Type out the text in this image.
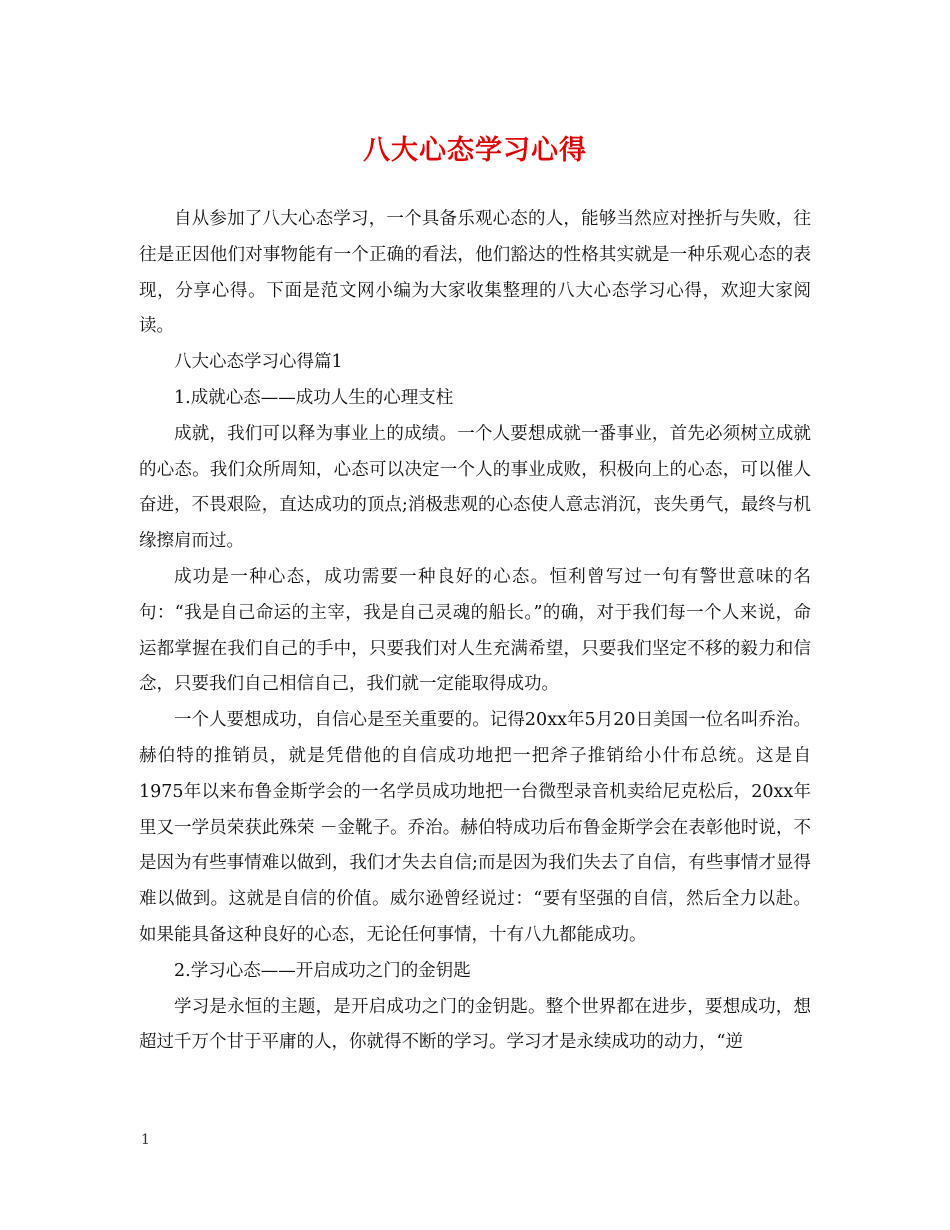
八大心态学习心得

自从参加了八大心态学习，一个具备乐观心态的人，能够当然应对挫折与失败，往往是正因他们对事物能有一个正确的看法，他们豁达的性格其实就是一种乐观心态的表现，分享心得。下面是范文网小编为大家收集整理的八大心态学习心得，欢迎大家阅读。

八大心态学习心得篇1

1.成就心态——成功人生的心理支柱

成就，我们可以释为事业上的成绩。一个人要想成就一番事业，首先必须树立成就的心态。我们众所周知，心态可以决定一个人的事业成败，积极向上的心态，可以催人奋进，不畏艰险，直达成功的顶点;消极悲观的心态使人意志消沉，丧失勇气，最终与机缘擦肩而过。

成功是一种心态，成功需要一种良好的心态。恒利曾写过一句有警世意味的名句：“我是自己命运的主宰，我是自己灵魂的船长。”的确，对于我们每一个人来说，命运都掌握在我们自己的手中，只要我们对人生充满希望，只要我们坚定不移的毅力和信念，只要我们自己相信自己，我们就一定能取得成功。

一个人要想成功，自信心是至关重要的。记得20xx年5月20日美国一位名叫乔治。赫伯特的推销员，就是凭借他的自信成功地把一把斧子推销给小什布总统。这是自1975年以来布鲁金斯学会的一名学员成功地把一台微型录音机卖给尼克松后，20xx年里又一学员荣获此殊荣 －金靴子。乔治。赫伯特成功后布鲁金斯学会在表彰他时说，不是因为有些事情难以做到，我们才失去自信;而是因为我们失去了自信，有些事情才显得难以做到。这就是自信的价值。威尔逊曾经说过：“要有坚强的自信，然后全力以赴。如果能具备这种良好的心态，无论任何事情，十有八九都能成功。

2.学习心态——开启成功之门的金钥匙

学习是永恒的主题，是开启成功之门的金钥匙。整个世界都在进步，要想成功，想超过千万个甘于平庸的人，你就得不断的学习。学习才是永续成功的动力，“逆

1
